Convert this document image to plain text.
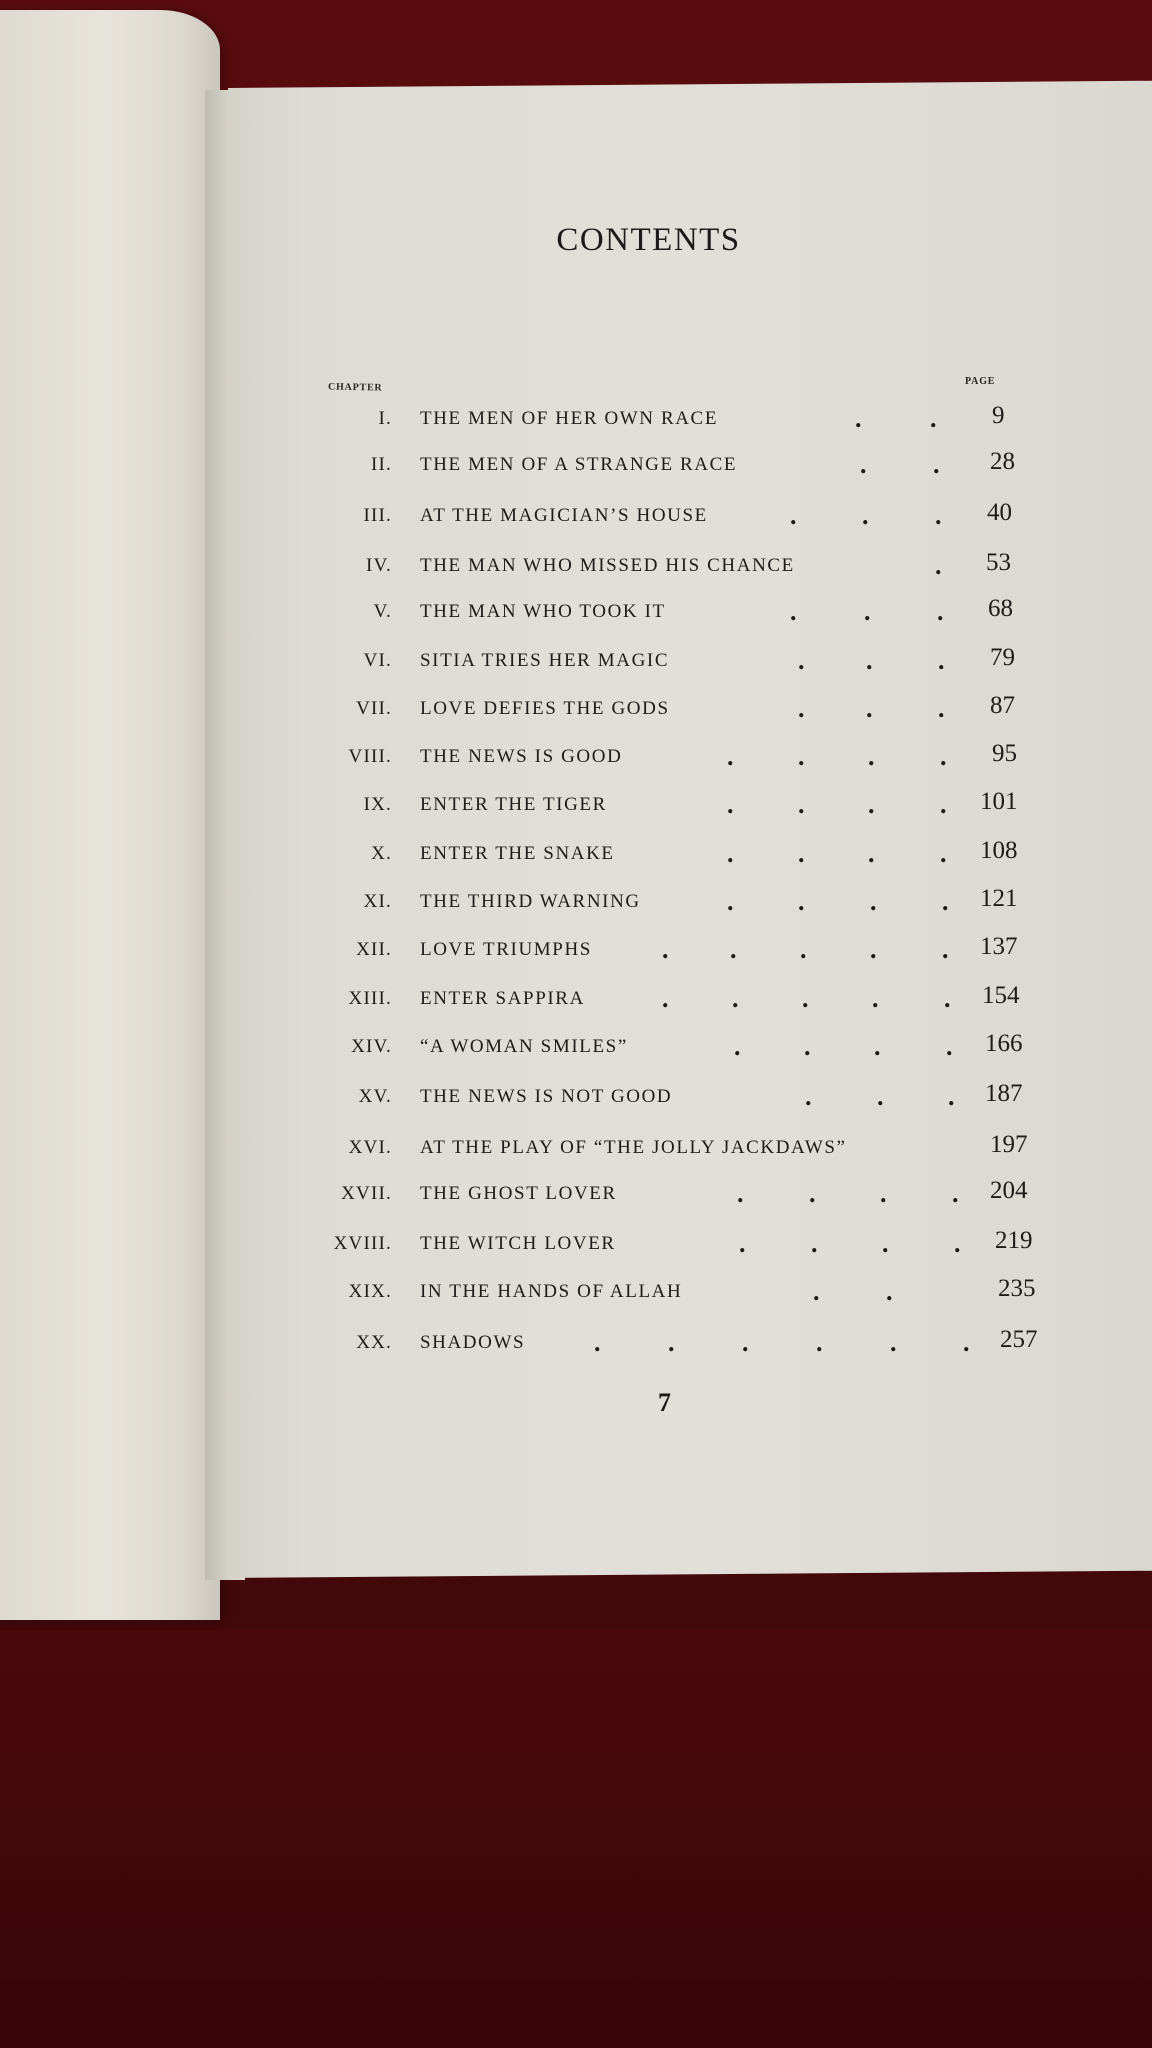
CONTENTS
CHAPTER
PAGE
I. THE MEN OF HER OWN RACE	.	. 9
II. THE MEN OF A STRANGE RACE	.	. 28
III. AT THE MAGICIAN’S HOUSE	.	.	. 40
IV. THE MAN WHO MISSED HIS CHANCE	. 53
V. THE MAN WHO TOOK IT	.	.	. 68
VI. SITIA TRIES HER MAGIC	. .	. 79
VII. LOVE DEFIES THE GODS	. .	. 87
VIII. THE NEWS IS GOOD	. . .	. 95
IX. ENTER THE TIGER	. . .	. 101
X. ENTER THE SNAKE	. . .	. 108
XI. THE THIRD WARNING	. .	.	. 121
XII. LOVE TRIUMPHS	. . . .	. 137
XIII. ENTER SAPPIRA	. . . .	. 154
XIV. “A WOMAN SMILES”	. . .	. 166
XV. THE NEWS IS NOT GOOD	.	. . 187
XVI. AT THE PLAY OF “THE JOLLY JACKDAWS”	197
XVII. THE GHOST LOVER	.	. .	. 204
XVIII. THE WITCH LOVER	.	. .	. 219
XIX. IN THE HANDS OF ALLAH	.	.	235
XX. SHADOWS	.	.	.	.	.	. 257
7
